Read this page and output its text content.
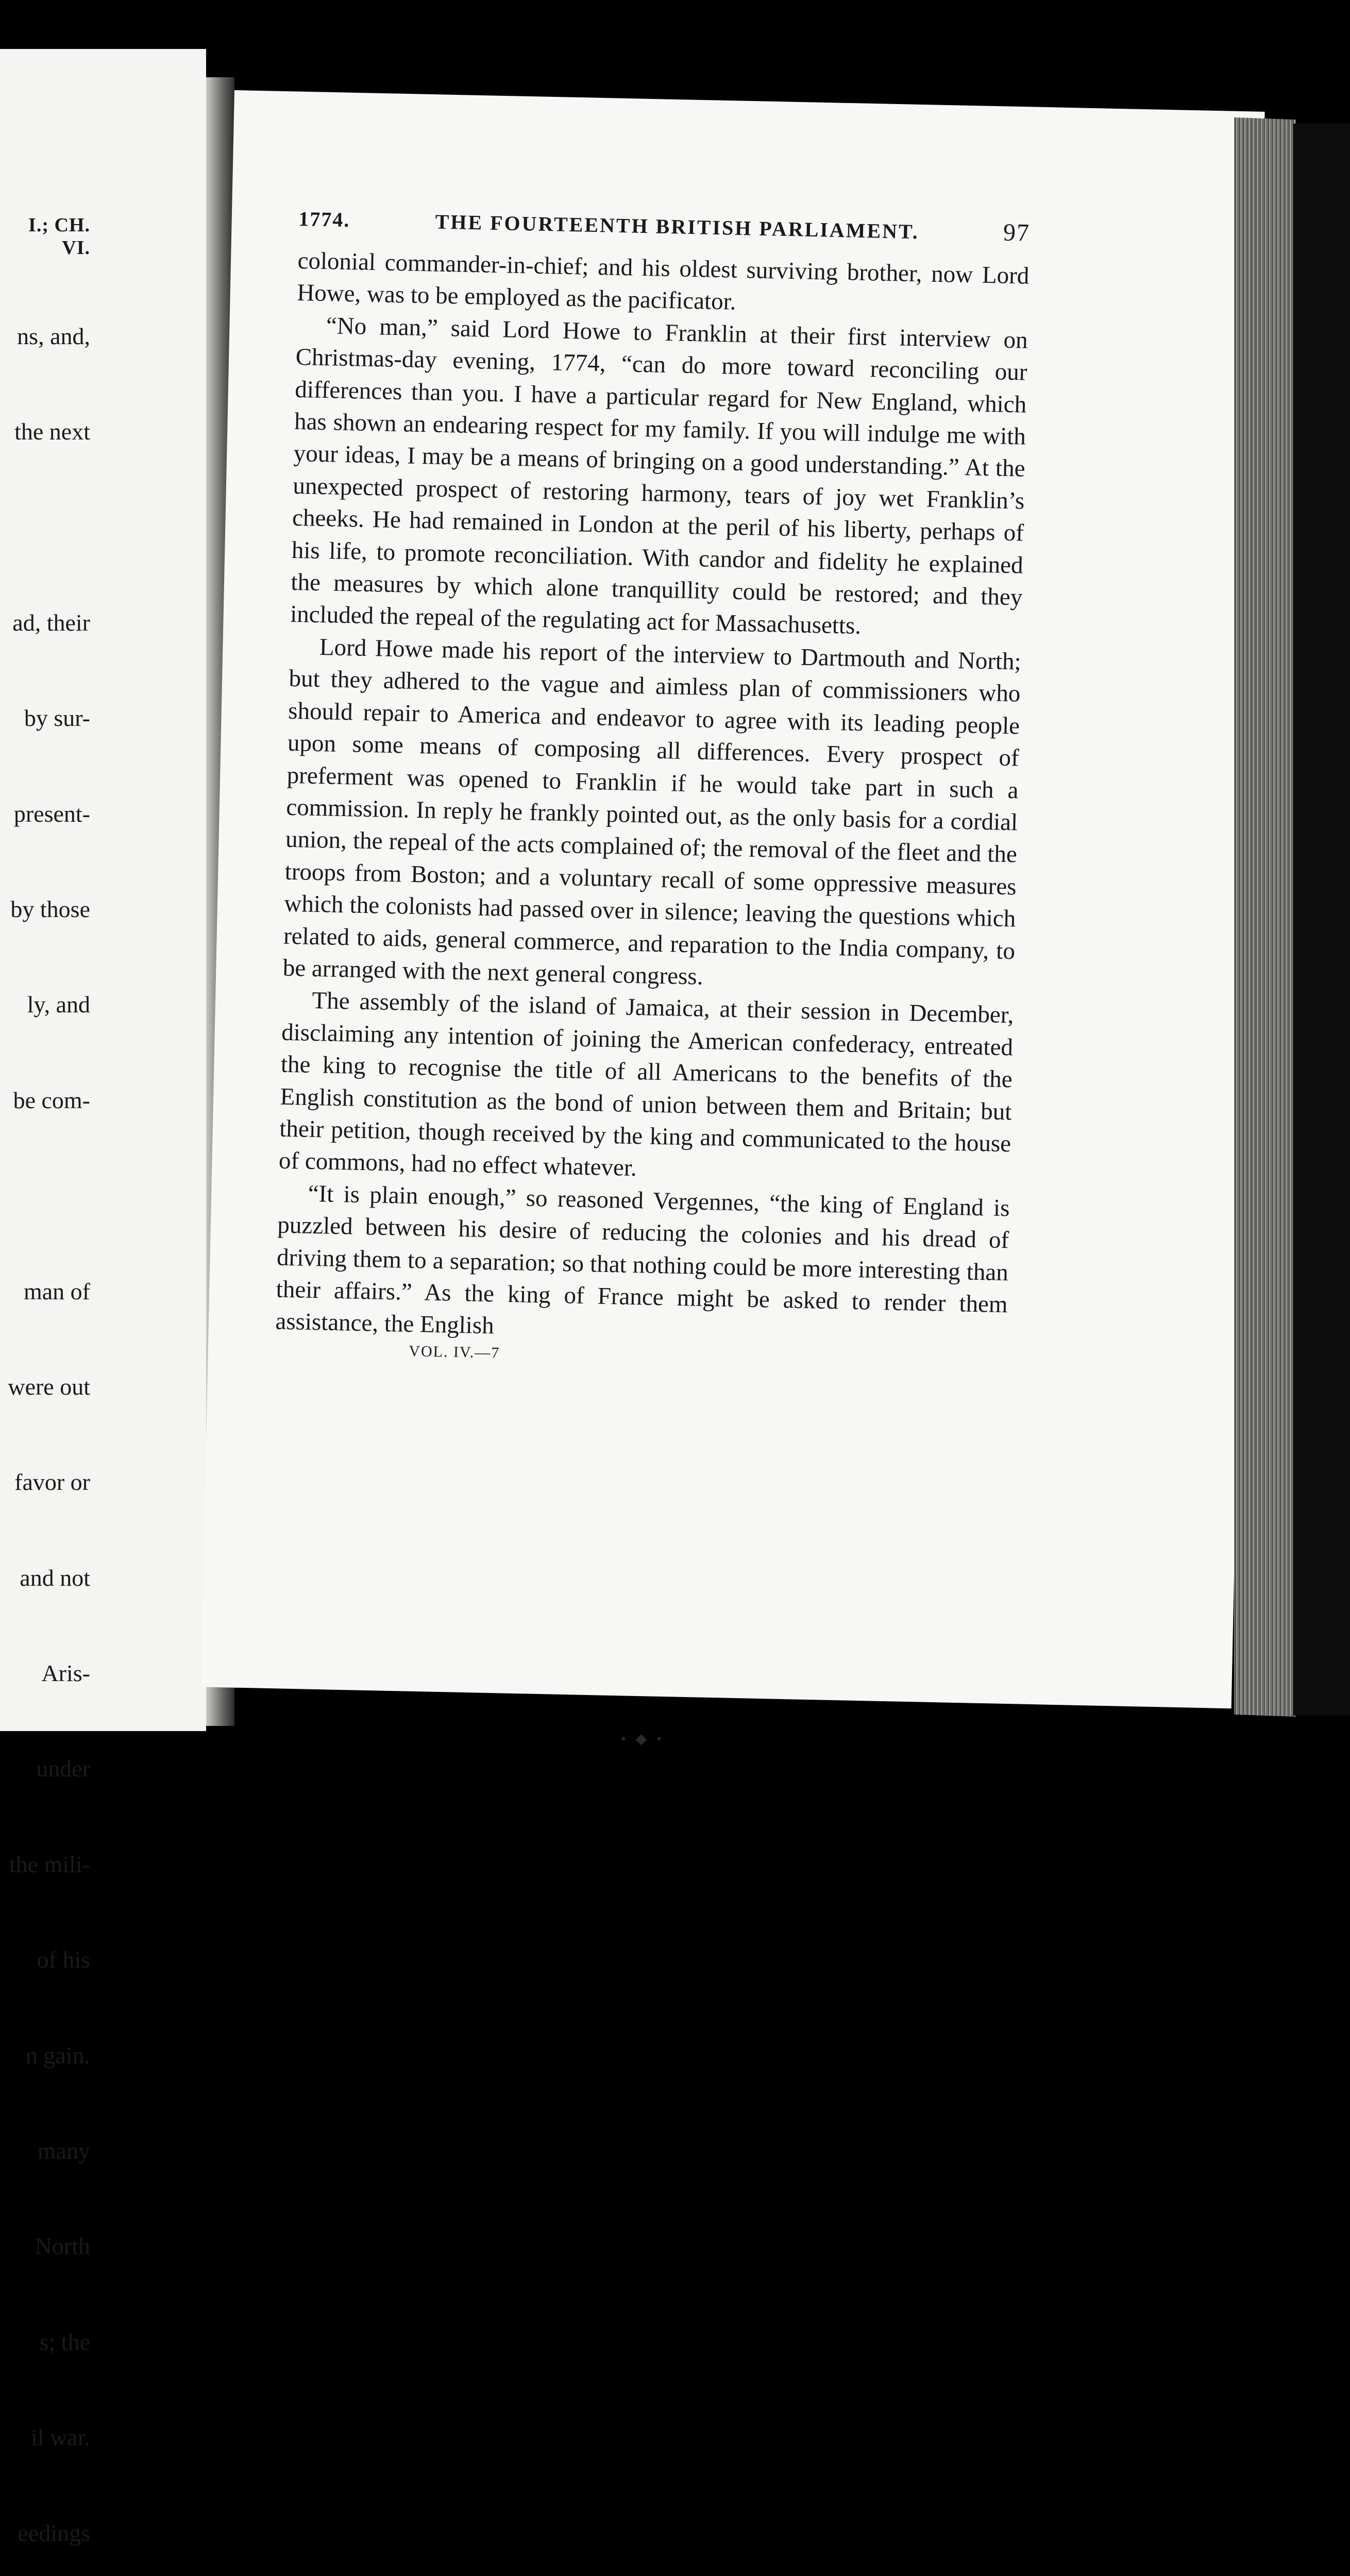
• ◆ •
I.; CH. VI.

ns, and,

the next

ad, their

by sur-

present-

by those

ly, and

be com-

man of

were out

favor or

and not

Aris-

under

the mili-

of his

n gain.

many

North

s; the

il war.

eedings

1774.	THE FOURTEENTH BRITISH PARLIAMENT.	97

colonial commander-in-chief; and his oldest surviving brother, now Lord Howe, was to be employed as the pacificator.

“No man,” said Lord Howe to Franklin at their first interview on Christmas-day evening, 1774, “can do more toward reconciling our differences than you. I have a particular regard for New England, which has shown an endearing respect for my family. If you will indulge me with your ideas, I may be a means of bringing on a good understanding.” At the unexpected prospect of restoring harmony, tears of joy wet Franklin’s cheeks. He had remained in London at the peril of his liberty, perhaps of his life, to promote reconciliation. With candor and fidelity he explained the measures by which alone tranquillity could be restored; and they included the repeal of the regulating act for Massachusetts.

Lord Howe made his report of the interview to Dartmouth and North; but they adhered to the vague and aimless plan of commissioners who should repair to America and endeavor to agree with its leading people upon some means of composing all differences. Every prospect of preferment was opened to Franklin if he would take part in such a commission. In reply he frankly pointed out, as the only basis for a cordial union, the repeal of the acts complained of; the removal of the fleet and the troops from Boston; and a voluntary recall of some oppressive measures which the colonists had passed over in silence; leaving the questions which related to aids, general commerce, and reparation to the India company, to be arranged with the next general congress.

The assembly of the island of Jamaica, at their session in December, disclaiming any intention of joining the American confederacy, entreated the king to recognise the title of all Americans to the benefits of the English constitution as the bond of union between them and Britain; but their petition, though received by the king and communicated to the house of commons, had no effect whatever.

“It is plain enough,” so reasoned Vergennes, “the king of England is puzzled between his desire of reducing the colonies and his dread of driving them to a separation; so that nothing could be more interesting than their affairs.” As the king of France might be asked to render them assistance, the English

VOL. IV.—7
